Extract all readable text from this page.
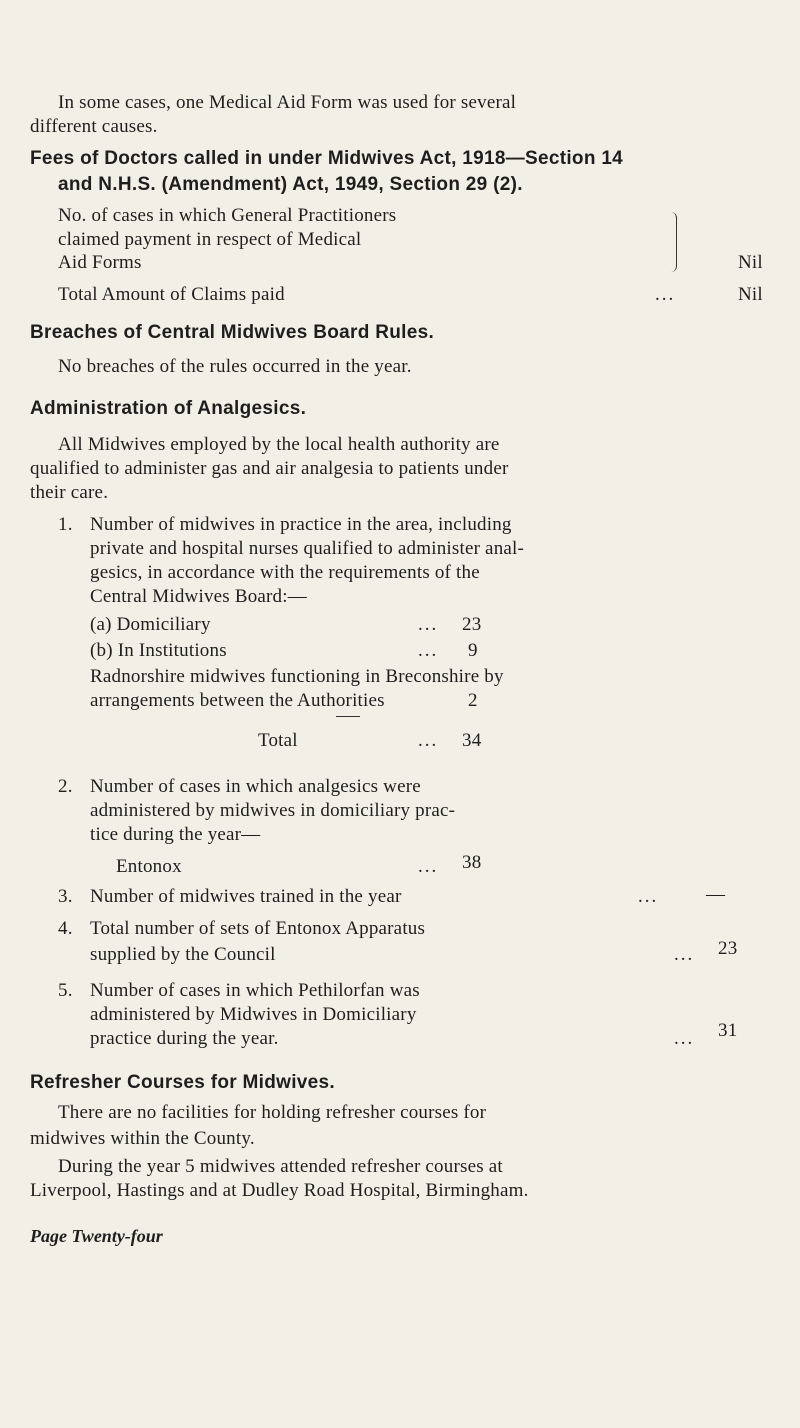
In some cases, one Medical Aid Form was used for several
different causes.
Fees of Doctors called in under Midwives Act, 1918—Section 14
and N.H.S. (Amendment) Act, 1949, Section 29 (2).
No. of cases in which General Practitioners
claimed payment in respect of Medical
Aid Forms	Nil
Total Amount of Claims paid	...	Nil
Breaches of Central Midwives Board Rules.
No breaches of the rules occurred in the year.
Administration of Analgesics.
All Midwives employed by the local health authority are
qualified to administer gas and air analgesia to patients under
their care.
1. Number of midwives in practice in the area, including
private and hospital nurses qualified to administer anal-
gesics, in accordance with the requirements of the
Central Midwives Board:—
(a) Domiciliary	... 23
(b) In Institutions	... 9
Radnorshire midwives functioning in Breconshire by
arrangements between the Authorities	2
Total	... 34
2. Number of cases in which analgesics were
administered by midwives in domiciliary prac-
tice during the year—
Entonox	... 38
3. Number of midwives trained in the year	...	—
4. Total number of sets of Entonox Apparatus
supplied by the Council	... 23
5. Number of cases in which Pethilorfan was
administered by Midwives in Domiciliary
practice during the year.	... 31
Refresher Courses for Midwives.
There are no facilities for holding refresher courses for
midwives within the County.
During the year 5 midwives attended refresher courses at
Liverpool, Hastings and at Dudley Road Hospital, Birmingham.
Page Twenty-four
